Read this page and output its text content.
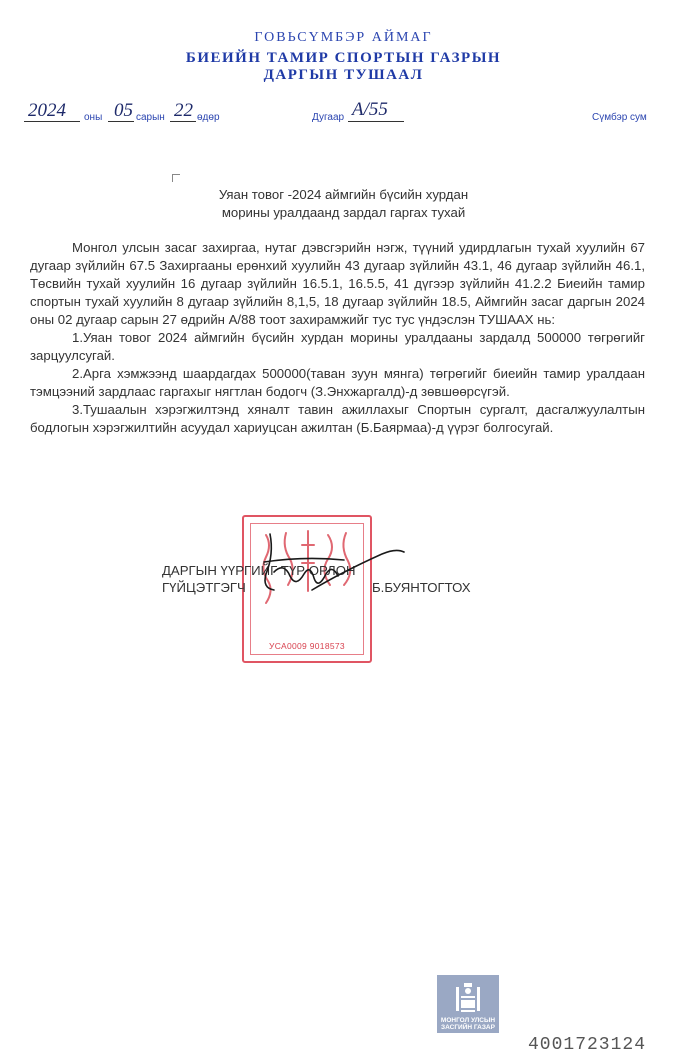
ГОВЬСҮМБЭР АЙМАГ
БИЕИЙН ТАМИР СПОРТЫН ГАЗРЫН
ДАРГЫН ТУШААЛ
2024 оны 05 сарын 22 өдөр	Дугаар А/55	Сүмбэр сум
Уяан товог -2024 аймгийн бүсийн хурдан
морины уралдаанд зардал гаргах тухай

Монгол улсын засаг захиргаа, нутаг дэвсгэрийн нэгж, түүний удирдлагын тухай хуулийн 67 дугаар зүйлийн 67.5 Захиргааны ерөнхий хуулийн 43 дугаар зүйлийн 43.1, 46 дугаар зүйлийн 46.1, Төсвийн тухай хуулийн 16 дугаар зүйлийн 16.5.1, 16.5.5, 41 дүгээр зүйлийн 41.2.2 Биеийн тамир спортын тухай хуулийн 8 дугаар зүйлийн 8,1,5, 18 дугаар зүйлийн 18.5, Аймгийн засаг даргын 2024 оны 02 дугаар сарын 27 өдрийн А/88 тоот захирамжийг тус тус үндэслэн ТУШААХ нь:

1.Уяан товог 2024 аймгийн бүсийн хурдан морины уралдааны зардалд 500000 төгрөгийг зарцуулсугай.

2.Арга хэмжээнд шаардагдах 500000(таван зуун мянга) төгрөгийг биеийн тамир уралдаан тэмцээний зардлаас гаргахыг нягтлан бодогч (З.Энхжаргалд)-д зөвшөөрсүгэй.

3.Тушаалын хэрэгжилтэнд хяналт тавин ажиллахыг Спортын сургалт, дасгалжуулалтын бодлогын хэрэгжилтийн асуудал хариуцсан ажилтан (Б.Баярмаа)-д үүрэг болгосугай.

УСА0009 9018573
ДАРГЫН ҮҮРГИЙГ ТҮР ОРЛОН
ГҮЙЦЭТГЭГЧ	Б.БУЯНТОГТОХ
МОНГОЛ УЛСЫН
ЗАСГИЙН ГАЗАР
4001723124
